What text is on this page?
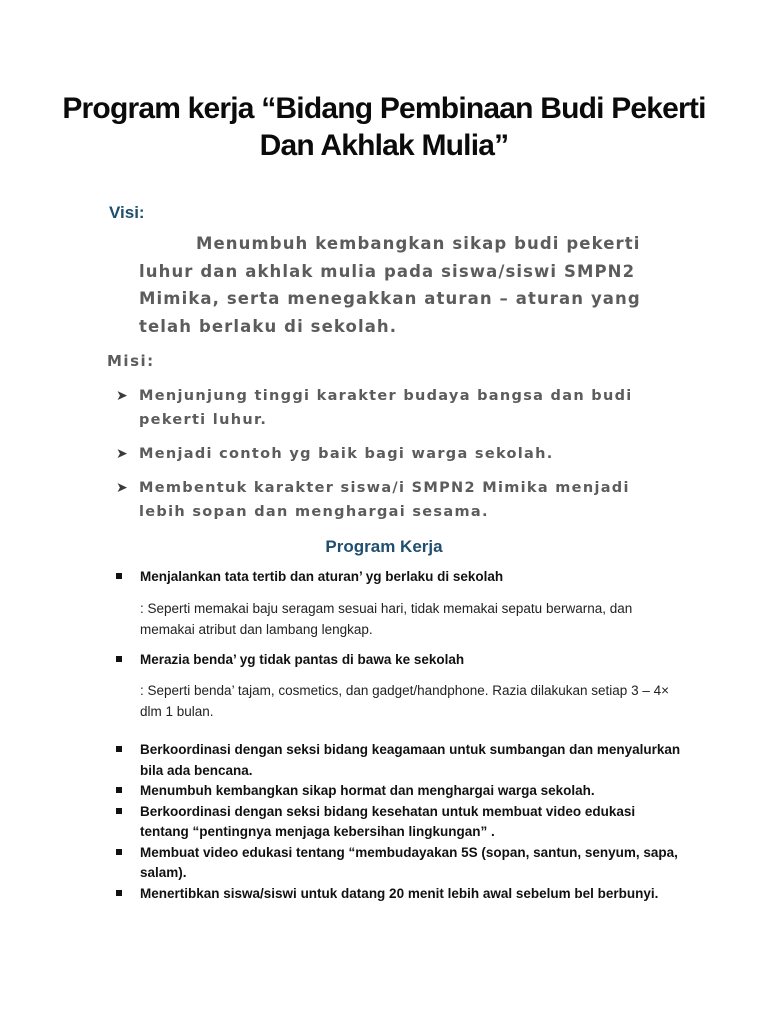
Program kerja “Bidang Pembinaan Budi Pekerti Dan Akhlak Mulia”
Visi:

Menumbuh kembangkan sikap budi pekerti luhur dan akhlak mulia pada siswa/siswi SMPN2 Mimika, serta menegakkan aturan – aturan yang telah berlaku di sekolah.

Misi:
➤ Menjunjung tinggi karakter budaya bangsa dan budi pekerti luhur.
➤ Menjadi contoh yg baik bagi warga sekolah.
➤ Membentuk karakter siswa/i SMPN2 Mimika menjadi lebih sopan dan menghargai sesama.
Program Kerja
Menjalankan tata tertib dan aturan’ yg berlaku di sekolah
: Seperti memakai baju seragam sesuai hari, tidak memakai sepatu berwarna, dan memakai atribut dan lambang lengkap.
Merazia benda’ yg tidak pantas di bawa ke sekolah
: Seperti benda’ tajam, cosmetics, dan gadget/handphone. Razia dilakukan setiap 3 – 4× dlm 1 bulan.
Berkoordinasi dengan seksi bidang keagamaan untuk sumbangan dan menyalurkan bila ada bencana.
Menumbuh kembangkan sikap hormat dan menghargai warga sekolah.
Berkoordinasi dengan seksi bidang kesehatan untuk membuat video edukasi tentang “pentingnya menjaga kebersihan lingkungan” .
Membuat video edukasi tentang “membudayakan 5S (sopan, santun, senyum, sapa, salam).
Menertibkan siswa/siswi untuk datang 20 menit lebih awal sebelum bel berbunyi.
